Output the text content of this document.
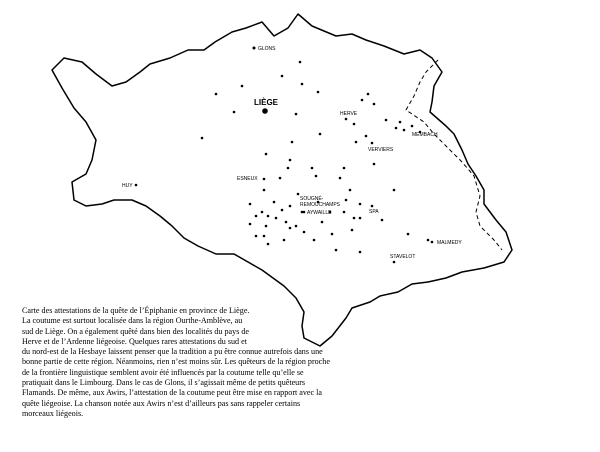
GLONS
LIÈGE
HERVE
MEMBACH
VERVIERS
HUY
ESNEUX
SOUGNÉ-
REMOUCHAMPS
AYWAILLE	SPA
MALMEDY
STAVELOT

Carte des attestations de la quête de l’Épiphanie en province de Liège.
La coutume est surtout localisée dans la région Ourthe-Amblève, au
sud de Liège. On a également quêté dans bien des localités du pays de
Herve et de l’Ardenne liégeoise. Quelques rares attestations du sud et
du nord-est de la Hesbaye laissent penser que la tradition a pu être connue autrefois dans une
bonne partie de cette région. Néanmoins, rien n’est moins sûr. Les quêteurs de la région proche
de la frontière linguistique semblent avoir été influencés par la coutume telle qu’elle se
pratiquait dans le Limbourg. Dans le cas de Glons, il s’agissait même de petits quêteurs
Flamands. De même, aux Awirs, l’attestation de la coutume peut être mise en rapport avec la
quête liégeoise. La chanson notée aux Awirs n’est d’ailleurs pas sans rappeler certains
morceaux liégeois.
